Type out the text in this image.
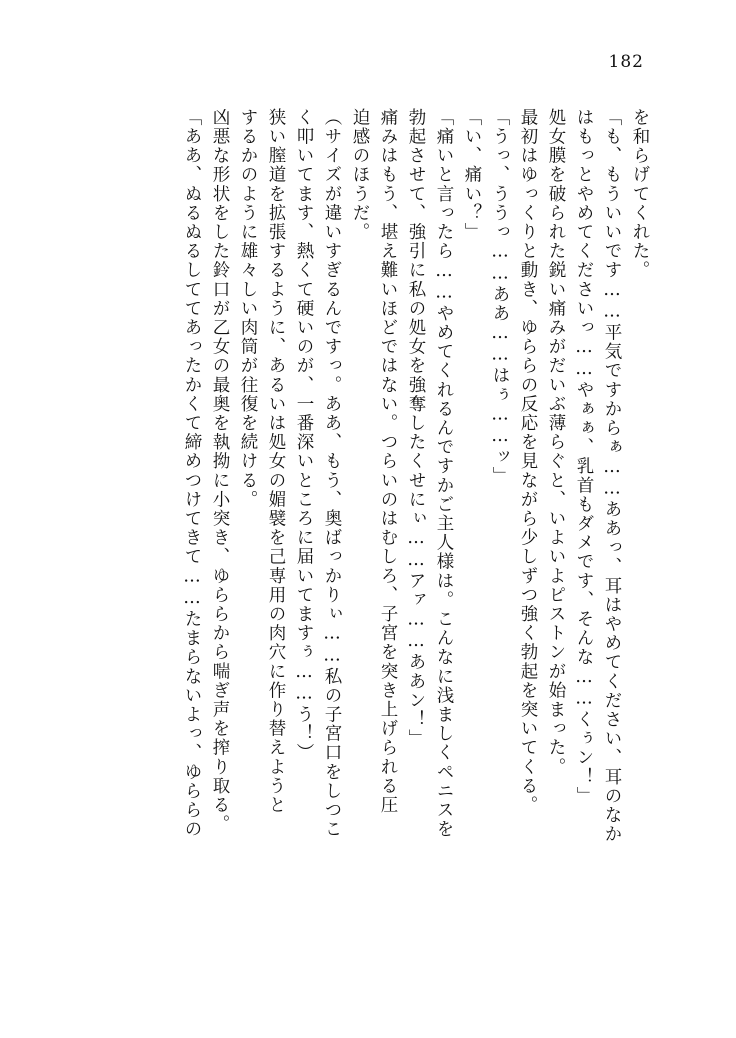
182
を和らげてくれた。
「も、もういいです……平気ですからぁ……ああっ、耳はやめてください、耳のなか
はもっとやめてくださいっ……やぁぁ、乳首もダメです、そんな……くぅン！」
処女膜を破られた鋭い痛みがだいぶ薄らぐと、いよいよピストンが始まった。
最初はゆっくりと動き、ゆららの反応を見ながら少しずつ強く勃起を突いてくる。
「うっ、ううっ……ああ……はぅ……ッ」
「い、痛い？」
「痛いと言ったら……やめてくれるんですかご主人様は。こんなに浅ましくペニスを
勃起させて、強引に私の処女を強奪したくせにぃ……アァ……ああン！」
痛みはもう、堪え難いほどではない。つらいのはむしろ、子宮を突き上げられる圧
迫感のほうだ。
（サイズが違いすぎるんですっ。ああ、もう、奥ばっかりぃ……私の子宮口をしつこ
く叩いてます、熱くて硬いのが、一番深いところに届いてますぅ……う！）
狭い膣道を拡張するように、あるいは処女の媚襞を己専用の肉穴に作り替えようと
するかのように雄々しい肉筒が往復を続ける。
凶悪な形状をした鈴口が乙女の最奥を執拗に小突き、ゆららから喘ぎ声を搾り取る。
「ああ、ぬるぬるしててあったかくて締めつけてきて……たまらないよっ、ゆららの
